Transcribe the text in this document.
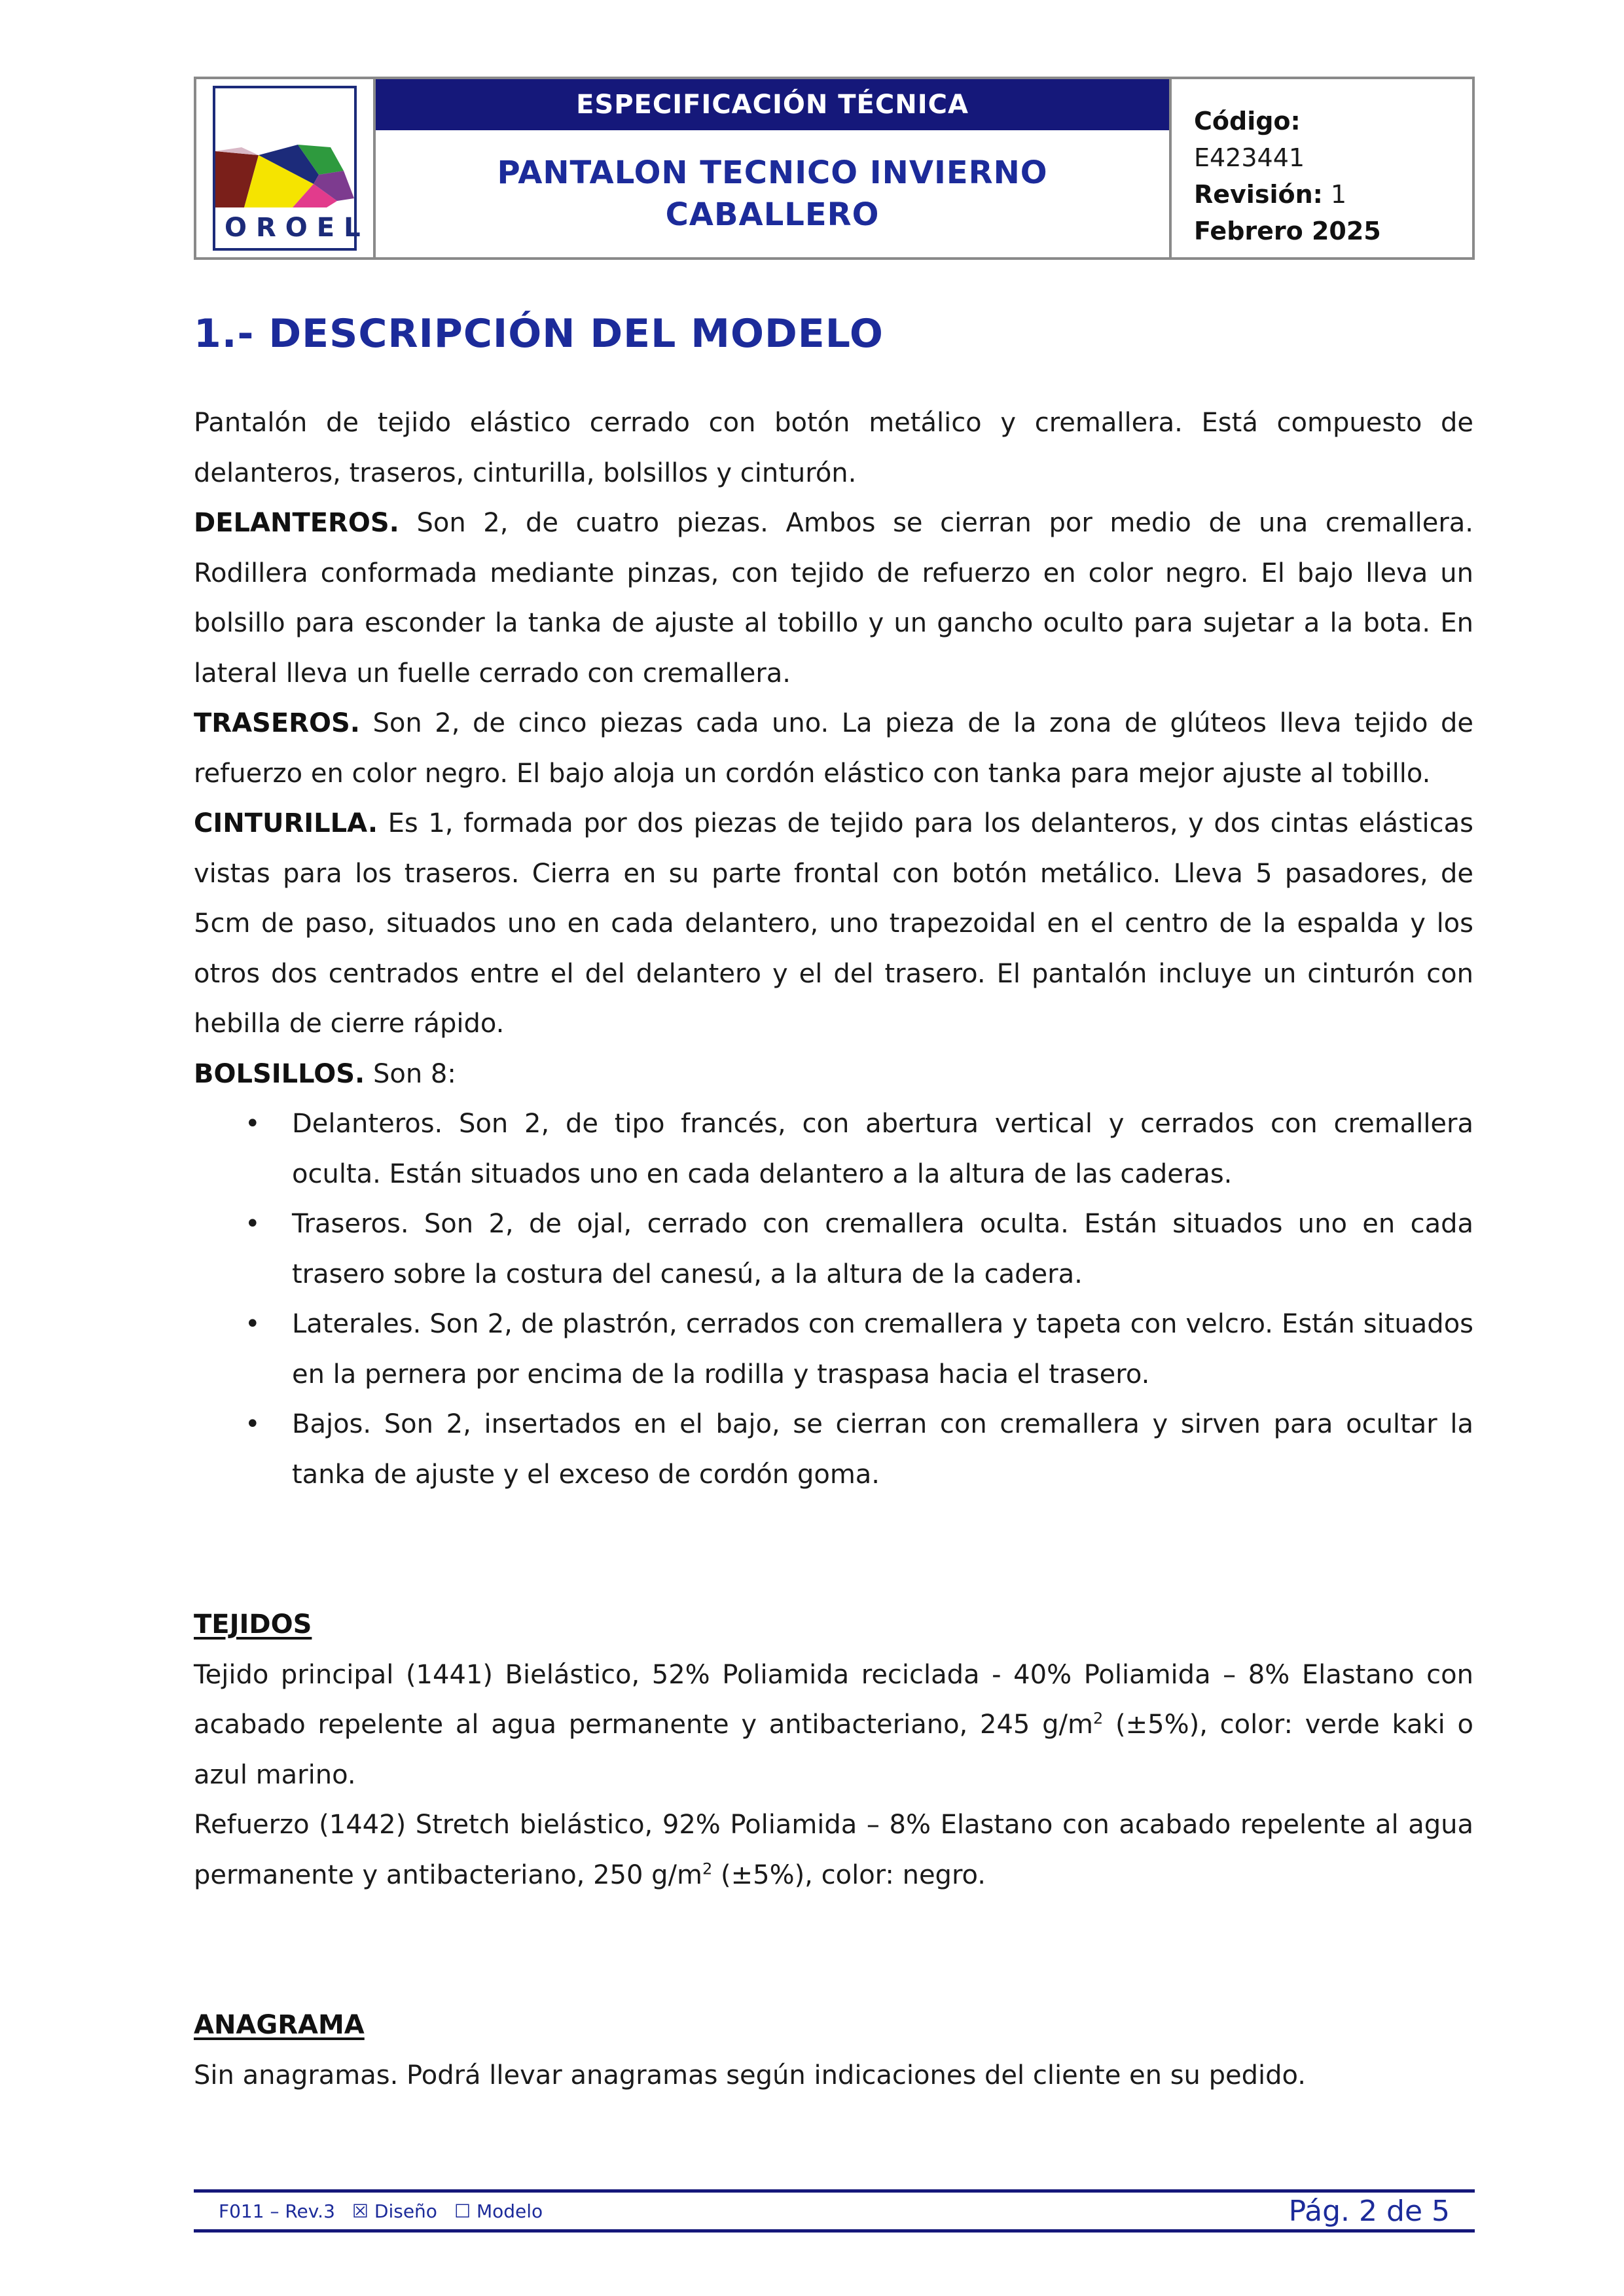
OROEL
ESPECIFICACIÓN TÉCNICA
PANTALON TECNICO INVIERNO
CABALLERO
Código:
E423441
Revisión: 1
Febrero 2025
1.- DESCRIPCIÓN DEL MODELO

Pantalón de tejido elástico cerrado con botón metálico y cremallera. Está compuesto de delanteros, traseros, cinturilla, bolsillos y cinturón.

DELANTEROS. Son 2, de cuatro piezas. Ambos se cierran por medio de una cremallera. Rodillera conformada mediante pinzas, con tejido de refuerzo en color negro. El bajo lleva un bolsillo para esconder la tanka de ajuste al tobillo y un gancho oculto para sujetar a la bota. En lateral lleva un fuelle cerrado con cremallera.

TRASEROS. Son 2, de cinco piezas cada uno. La pieza de la zona de glúteos lleva tejido de refuerzo en color negro. El bajo aloja un cordón elástico con tanka para mejor ajuste al tobillo.

CINTURILLA. Es 1, formada por dos piezas de tejido para los delanteros, y dos cintas elásticas vistas para los traseros. Cierra en su parte frontal con botón metálico. Lleva 5 pasadores, de 5cm de paso, situados uno en cada delantero, uno trapezoidal en el centro de la espalda y los otros dos centrados entre el del delantero y el del trasero. El pantalón incluye un cinturón con hebilla de cierre rápido.

BOLSILLOS. Son 8:

• Delanteros. Son 2, de tipo francés, con abertura vertical y cerrados con cremallera oculta. Están situados uno en cada delantero a la altura de las caderas.
• Traseros. Son 2, de ojal, cerrado con cremallera oculta. Están situados uno en cada trasero sobre la costura del canesú, a la altura de la cadera.
• Laterales. Son 2, de plastrón, cerrados con cremallera y tapeta con velcro. Están situados en la pernera por encima de la rodilla y traspasa hacia el trasero.
• Bajos. Son 2, insertados en el bajo, se cierran con cremallera y sirven para ocultar la tanka de ajuste y el exceso de cordón goma.

TEJIDOS

Tejido principal (1441) Bielástico, 52% Poliamida reciclada - 40% Poliamida – 8% Elastano con acabado repelente al agua permanente y antibacteriano, 245 $g/m^2$ (±5%), color: verde kaki o azul marino.

Refuerzo (1442) Stretch bielástico, 92% Poliamida – 8% Elastano con acabado repelente al agua permanente y antibacteriano, 250 $g/m^2$ (±5%), color: negro.

ANAGRAMA

Sin anagramas. Podrá llevar anagramas según indicaciones del cliente en su pedido.

F011 – Rev.3 ☒ Diseño ☐ Modelo	Pág. 2 de 5
